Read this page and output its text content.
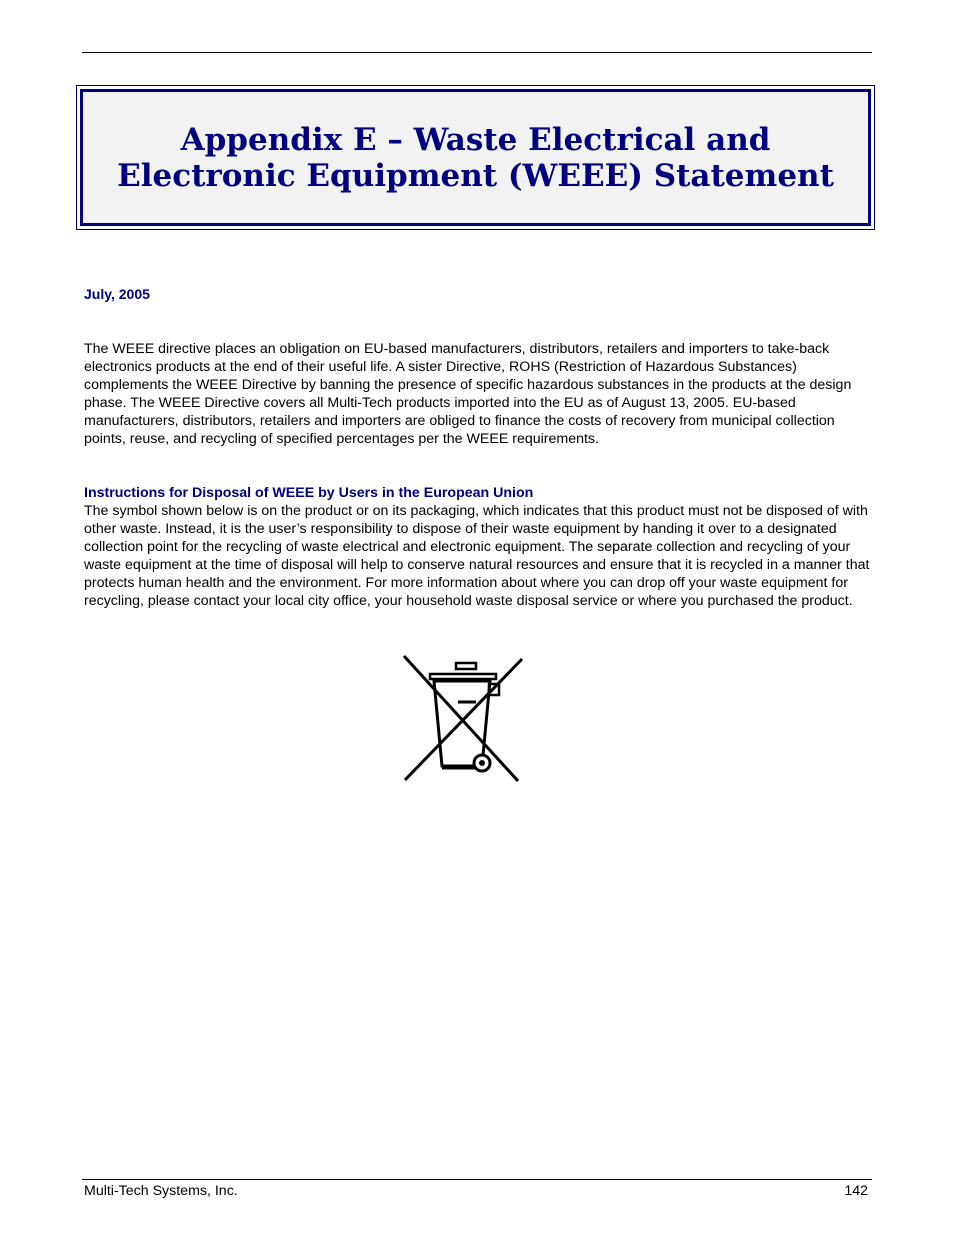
Appendix E – Waste Electrical and Electronic Equipment (WEEE) Statement

July, 2005

The WEEE directive places an obligation on EU-based manufacturers, distributors, retailers and importers to take-back electronics products at the end of their useful life. A sister Directive, ROHS (Restriction of Hazardous Substances) complements the WEEE Directive by banning the presence of specific hazardous substances in the products at the design phase. The WEEE Directive covers all Multi-Tech products imported into the EU as of August 13, 2005. EU-based manufacturers, distributors, retailers and importers are obliged to finance the costs of recovery from municipal collection points, reuse, and recycling of specified percentages per the WEEE requirements.

Instructions for Disposal of WEEE by Users in the European Union

The symbol shown below is on the product or on its packaging, which indicates that this product must not be disposed of with other waste. Instead, it is the user’s responsibility to dispose of their waste equipment by handing it over to a designated collection point for the recycling of waste electrical and electronic equipment. The separate collection and recycling of your waste equipment at the time of disposal will help to conserve natural resources and ensure that it is recycled in a manner that protects human health and the environment. For more information about where you can drop off your waste equipment for recycling, please contact your local city office, your household waste disposal service or where you purchased the product.

Multi-Tech Systems, Inc.	142
